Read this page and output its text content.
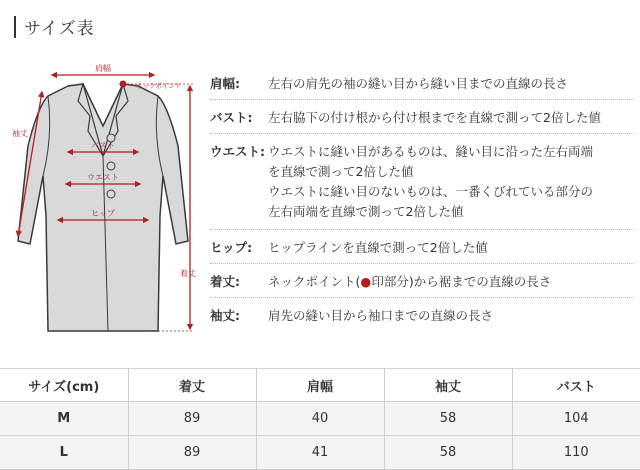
サイズ表
肩幅
ネックポイント
バスト
ウエスト
ヒップ
袖丈
着丈
肩幅:	左右の肩先の袖の縫い目から縫い目までの直線の長さ
バスト:	左右脇下の付け根から付け根までを直線で測って2倍した値
ウエスト: ウエストに縫い目があるものは、縫い目に沿った左右両端
を直線で測って2倍した値
ウエストに縫い目のないものは、一番くびれている部分の
左右両端を直線で測って2倍した値
ヒップ:	ヒップラインを直線で測って2倍した値
着丈:	ネックポイント(●印部分)から裾までの直線の長さ
袖丈:	肩先の縫い目から袖口までの直線の長さ
サイズ(cm)	着丈	肩幅	袖丈	バスト
M	89	40	58	104
L	89	41	58	110
